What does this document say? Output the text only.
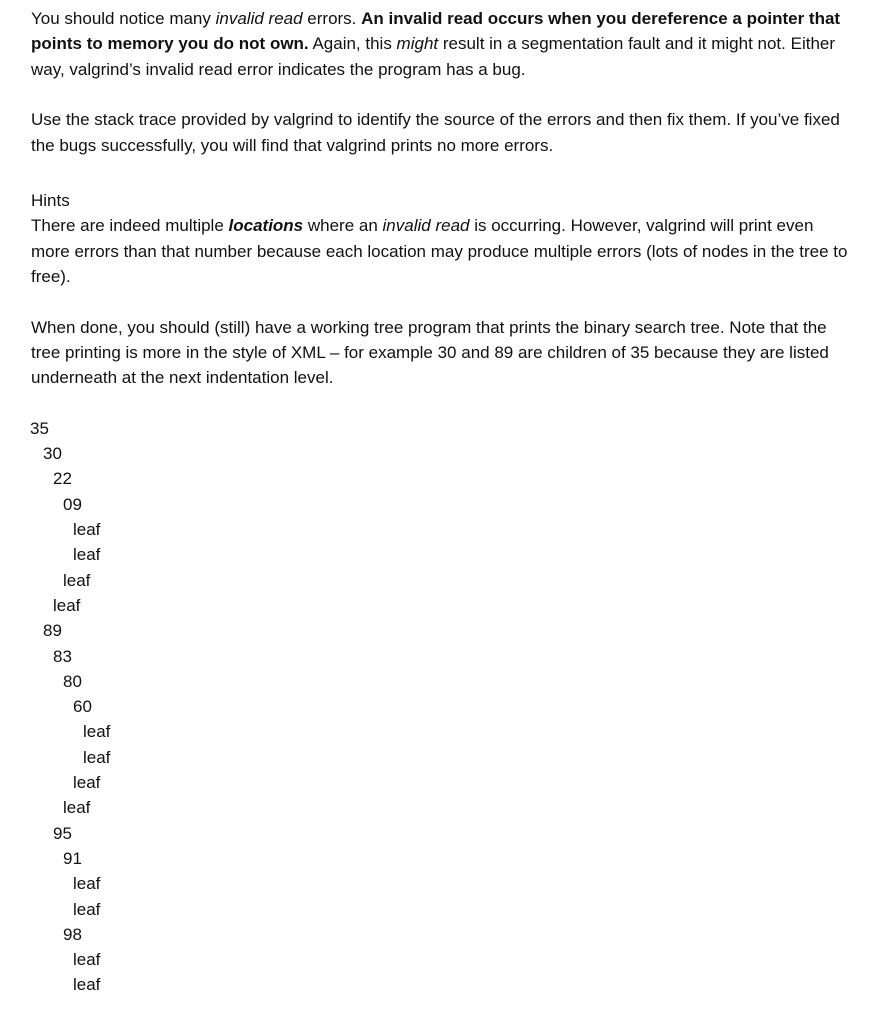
You should notice many invalid read errors. An invalid read occurs when you dereference a pointer that points to memory you do not own. Again, this might result in a segmentation fault and it might not. Either way, valgrind’s invalid read error indicates the program has a bug.

Use the stack trace provided by valgrind to identify the source of the errors and then fix them. If you’ve fixed the bugs successfully, you will find that valgrind prints no more errors.

Hints

There are indeed multiple locations where an invalid read is occurring. However, valgrind will print even more errors than that number because each location may produce multiple errors (lots of nodes in the tree to free).

When done, you should (still) have a working tree program that prints the binary search tree. Note that the tree printing is more in the style of XML – for example 30 and 89 are children of 35 because they are listed underneath at the next indentation level.

35
30
22
09
leaf
leaf
leaf
leaf
89
83
80
60
leaf
leaf
leaf
leaf
95
91
leaf
leaf
98
leaf
leaf
